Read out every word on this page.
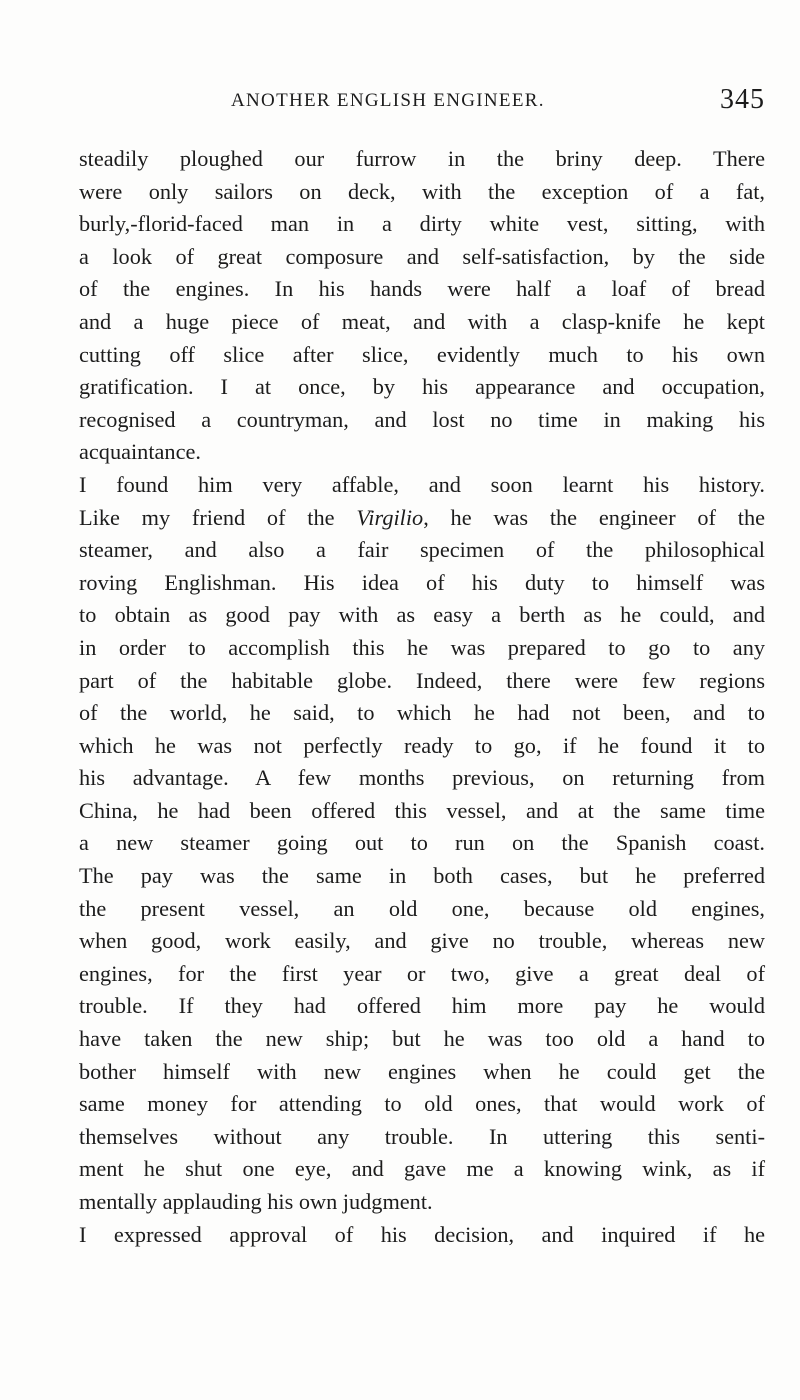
ANOTHER ENGLISH ENGINEER.	345
steadily ploughed our furrow in the briny deep. There
were only sailors on deck, with the exception of a fat,
burly,-florid-faced man in a dirty white vest, sitting, with
a look of great composure and self-satisfaction, by the side
of the engines. In his hands were half a loaf of bread
and a huge piece of meat, and with a clasp-knife he kept
cutting off slice after slice, evidently much to his own
gratification. I at once, by his appearance and occupation,
recognised a countryman, and lost no time in making his
acquaintance.
I found him very affable, and soon learnt his history.
Like my friend of the Virgilio, he was the engineer of the
steamer, and also a fair specimen of the philosophical
roving Englishman. His idea of his duty to himself was
to obtain as good pay with as easy a berth as he could, and
in order to accomplish this he was prepared to go to any
part of the habitable globe. Indeed, there were few regions
of the world, he said, to which he had not been, and to
which he was not perfectly ready to go, if he found it to
his advantage. A few months previous, on returning from
China, he had been offered this vessel, and at the same time
a new steamer going out to run on the Spanish coast.
The pay was the same in both cases, but he preferred
the present vessel, an old one, because old engines,
when good, work easily, and give no trouble, whereas new
engines, for the first year or two, give a great deal of
trouble. If they had offered him more pay he would
have taken the new ship; but he was too old a hand to
bother himself with new engines when he could get the
same money for attending to old ones, that would work of
themselves without any trouble. In uttering this senti-
ment he shut one eye, and gave me a knowing wink, as if
mentally applauding his own judgment.
I expressed approval of his decision, and inquired if he
